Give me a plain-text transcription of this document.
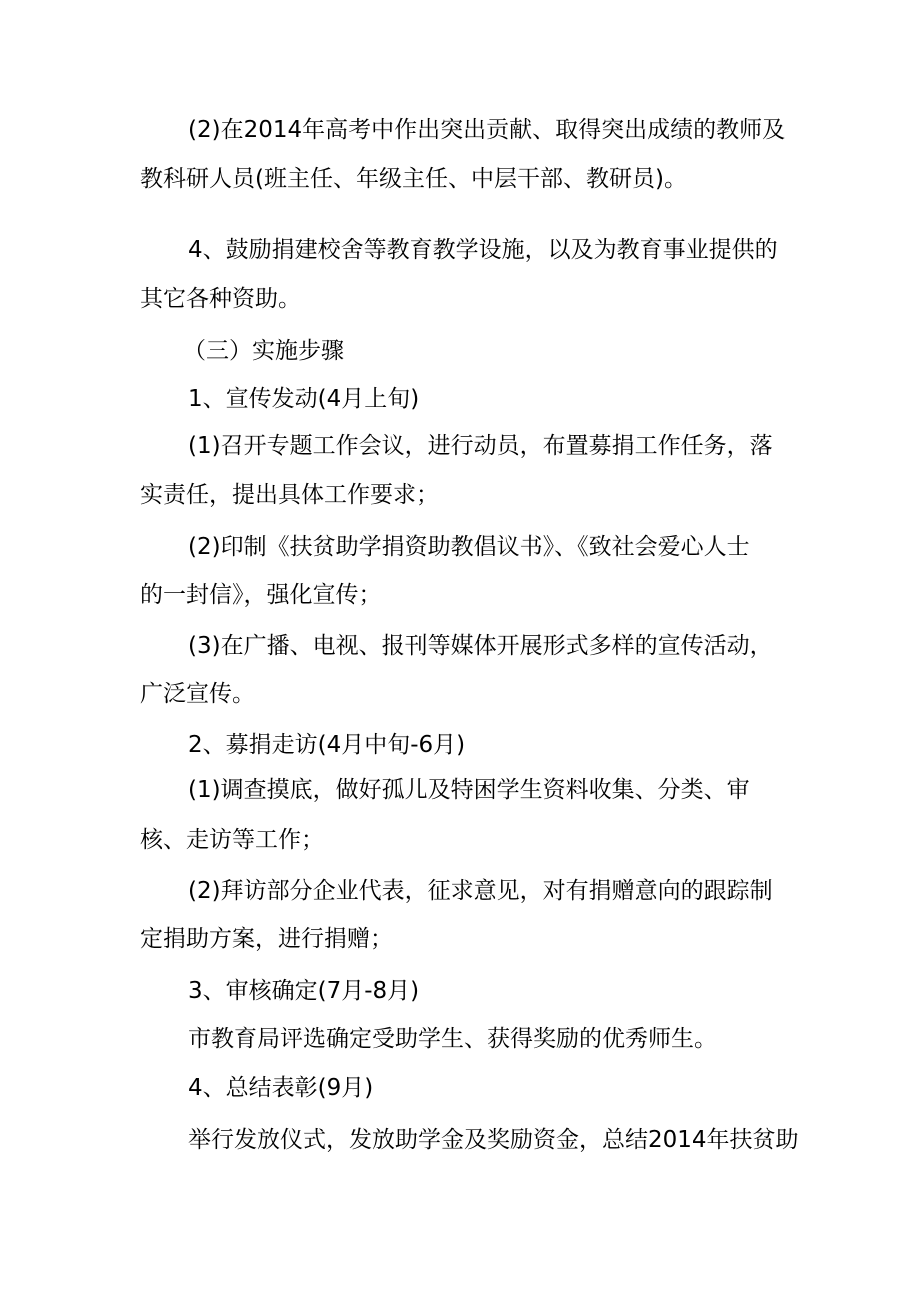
(2)在2014年高考中作出突出贡献、取得突出成绩的教师及
教科研人员(班主任、年级主任、中层干部、教研员)。
4、鼓励捐建校舍等教育教学设施，以及为教育事业提供的
其它各种资助。
（三）实施步骤
1、宣传发动(4月上旬)
(1)召开专题工作会议，进行动员，布置募捐工作任务，落
实责任，提出具体工作要求；
(2)印制《扶贫助学捐资助教倡议书》、《致社会爱心人士
的一封信》，强化宣传；
(3)在广播、电视、报刊等媒体开展形式多样的宣传活动，
广泛宣传。
2、募捐走访(4月中旬-6月)
(1)调查摸底，做好孤儿及特困学生资料收集、分类、审
核、走访等工作；
(2)拜访部分企业代表，征求意见，对有捐赠意向的跟踪制
定捐助方案，进行捐赠；
3、审核确定(7月-8月)
市教育局评选确定受助学生、获得奖励的优秀师生。
4、总结表彰(9月)
举行发放仪式，发放助学金及奖励资金，总结2014年扶贫助
